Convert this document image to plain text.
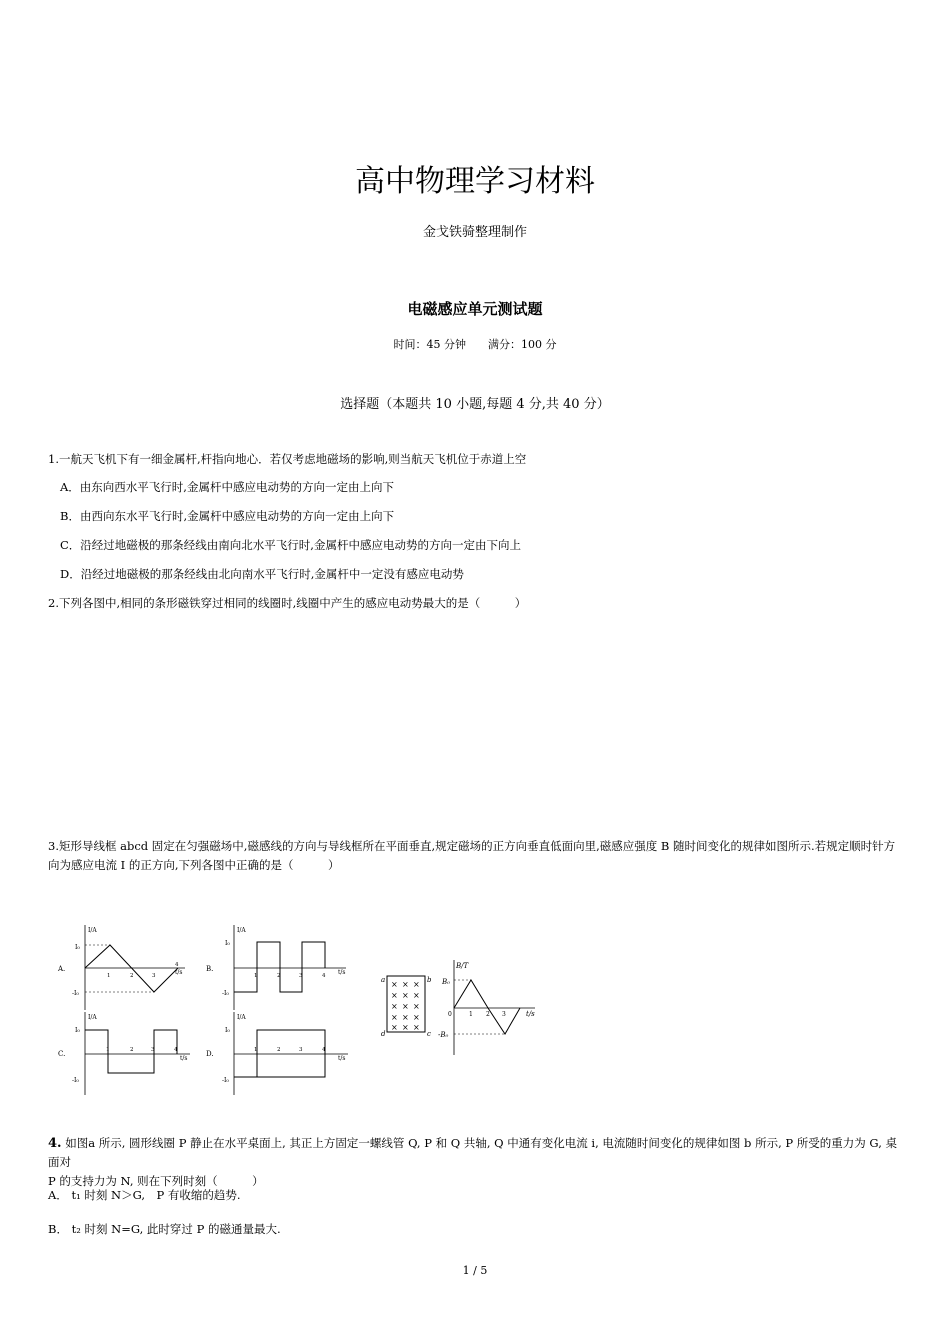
高中物理学习材料
金戈铁骑整理制作
电磁感应单元测试题
时间：45 分钟　　满分：100 分
选择题（本题共 10 小题,每题 4 分,共 40 分）
1.一航天飞机下有一细金属杆,杆指向地心．若仅考虑地磁场的影响,则当航天飞机位于赤道上空
A．由东向西水平飞行时,金属杆中感应电动势的方向一定由上向下
B．由西向东水平飞行时,金属杆中感应电动势的方向一定由上向下
C．沿经过地磁极的那条经线由南向北水平飞行时,金属杆中感应电动势的方向一定由下向上
D．沿经过地磁极的那条经线由北向南水平飞行时,金属杆中一定没有感应电动势
2.下列各图中,相同的条形磁铁穿过相同的线圈时,线圈中产生的感应电动势最大的是（　　　）
3.矩形导线框 abcd 固定在匀强磁场中,磁感线的方向与导线框所在平面垂直,规定磁场的正方向垂直低面向里,磁感应强度 B 随时间变化的规律如图所示.若规定顺时针方
向为感应电流 I 的正方向,下列各图中正确的是（　　　）
A.
I/A
t/s
I₀
-I₀
1	2	3
4	B.
I/A
t/s
I₀
-I₀
1	2	3	4
C.
I/A
t/s
I₀
-I₀
1	2	3	4	D.
I/A
t/s
I₀
-I₀
1	2	3	4
a	b
c
d
× × ×
× × ×
× × ×
× × ×
× × ×
B/T
t/s
B₀
-B₀
0	1 2 3
4. 如图a 所示, 圆形线圈 P 静止在水平桌面上, 其正上方固定一螺线管 Q, P 和 Q 共轴, Q 中通有变化电流 i, 电流随时间变化的规律如图 b 所示, P 所受的重力为 G, 桌面对
P 的支持力为 N, 则在下列时刻（　　　）
A． t₁ 时刻 N＞G,　P 有收缩的趋势.
B． t₂ 时刻 N=G, 此时穿过 P 的磁通量最大.
1 / 5
